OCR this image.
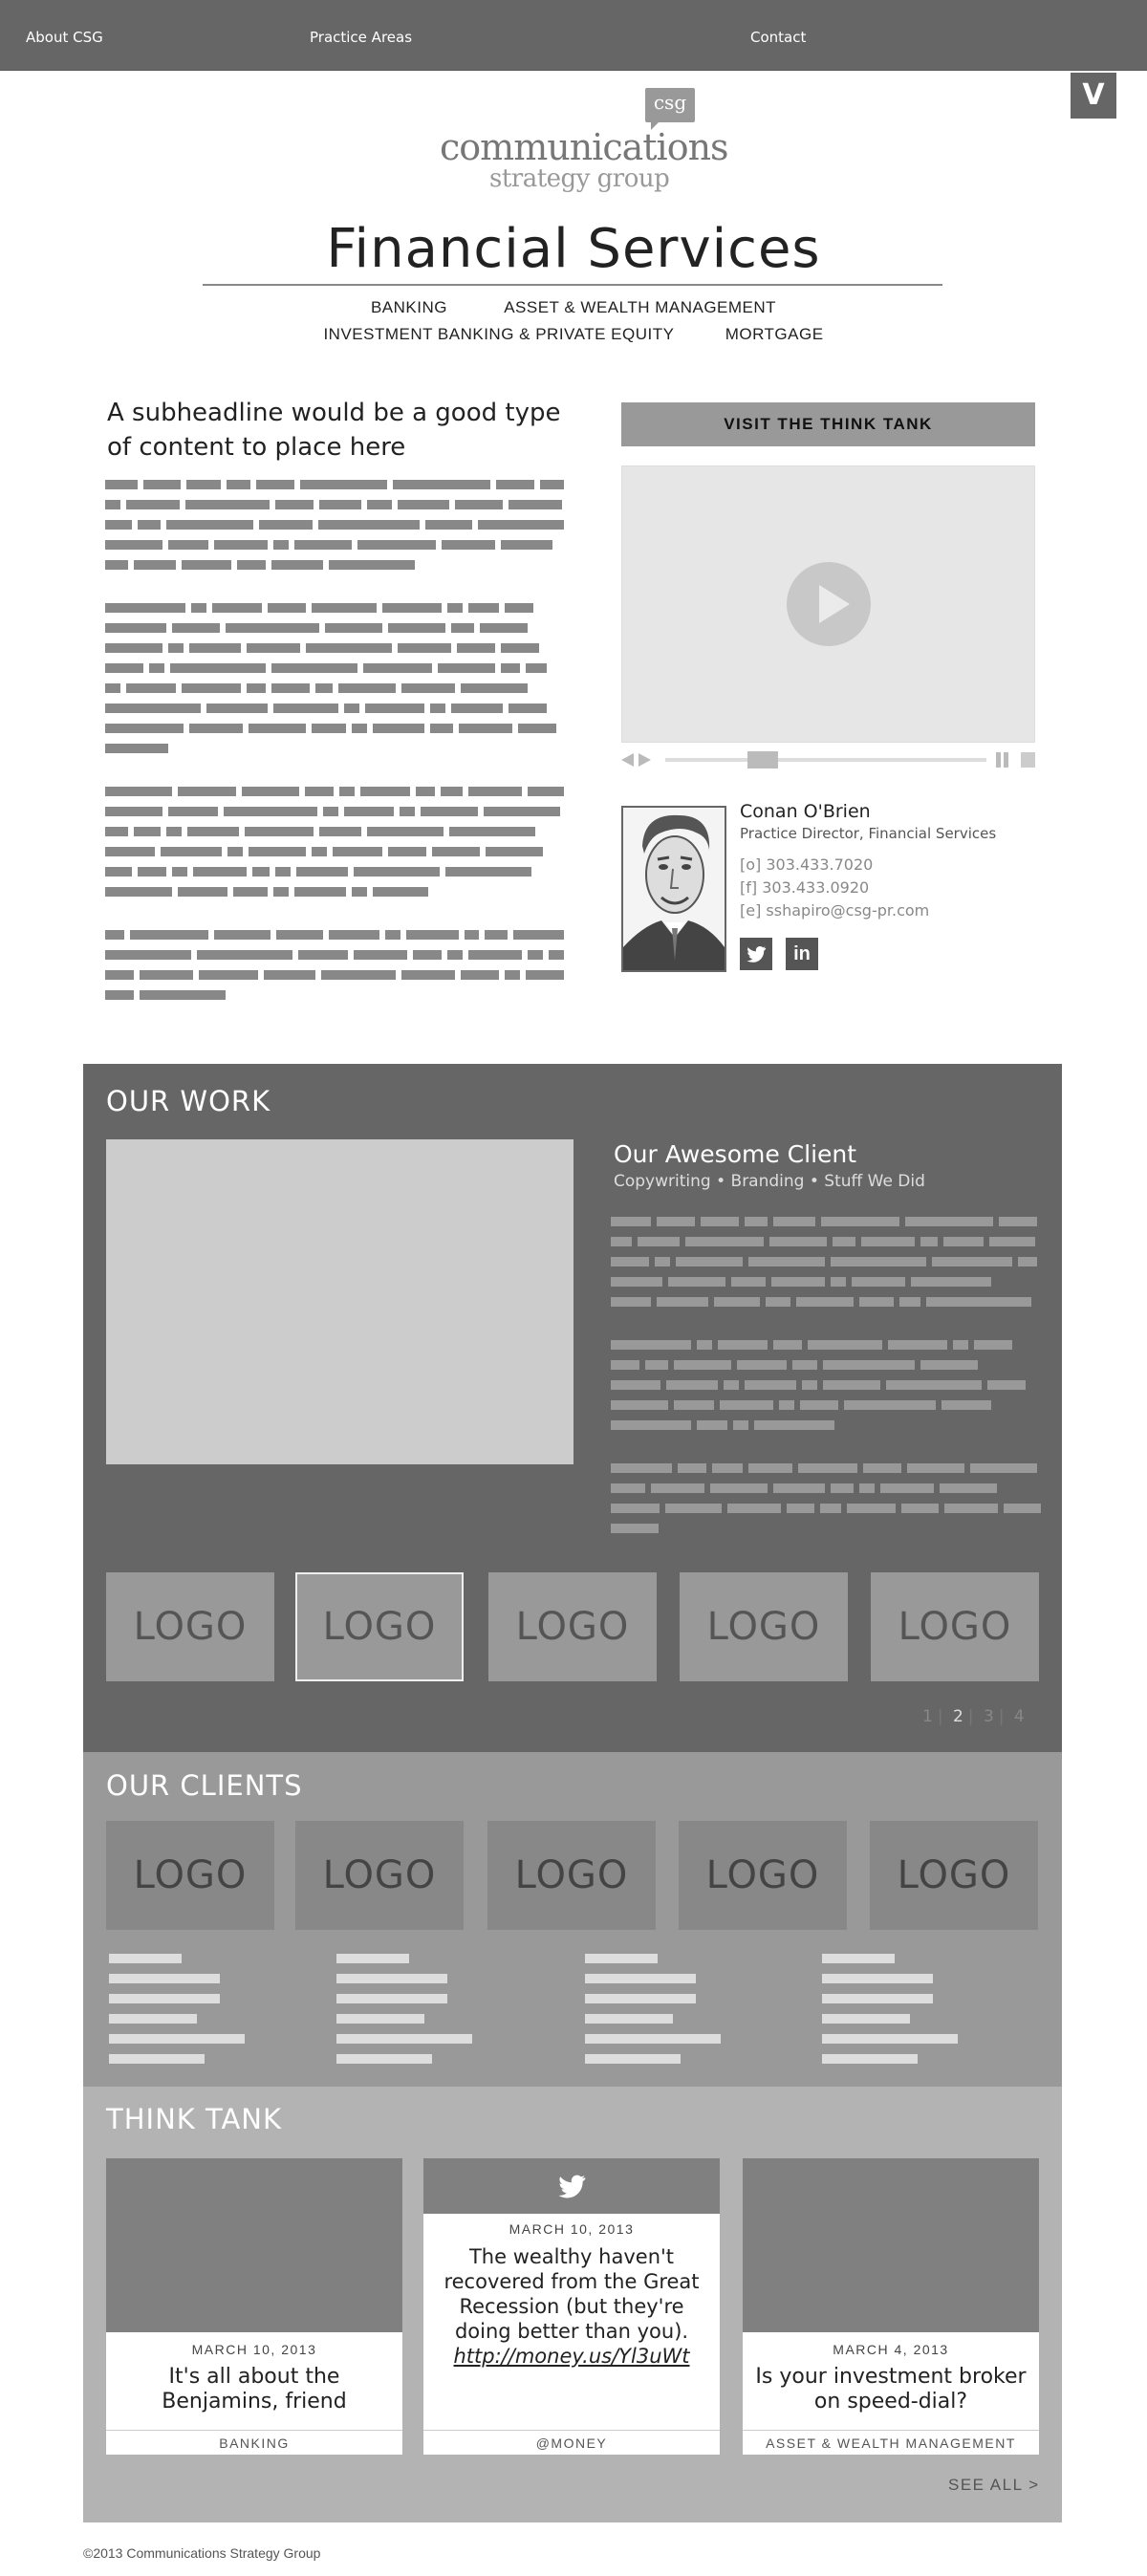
About CSG	Practice Areas	Contact
V
csg
communications
strategy group
Financial Services
BANKING	ASSET & WEALTH MANAGEMENT
INVESTMENT BANKING & PRIVATE EQUITY	MORTGAGE
A subheadline would be a good type of content to place here
VISIT THE THINK TANK
Conan O'Brien
Practice Director, Financial Services
[o] 303.433.7020
[f] 303.433.0920
[e] sshapiro@csg-pr.com
in
OUR WORK
Our Awesome Client
Copywriting • Branding • Stuff We Did
LOGO	LOGO	LOGO	LOGO	LOGO
1 | 2 | 3 | 4
OUR CLIENTS
LOGO	LOGO	LOGO	LOGO	LOGO
THINK TANK
MARCH 10, 2013
It's all about the Benjamins, friend
BANKING
MARCH 10, 2013
The wealthy haven't recovered from the Great Recession (but they're doing better than you).
http://money.us/Yl3uWt
@MONEY
MARCH 4, 2013
Is your investment broker on speed-dial?
ASSET & WEALTH MANAGEMENT
SEE ALL >
©2013 Communications Strategy Group
